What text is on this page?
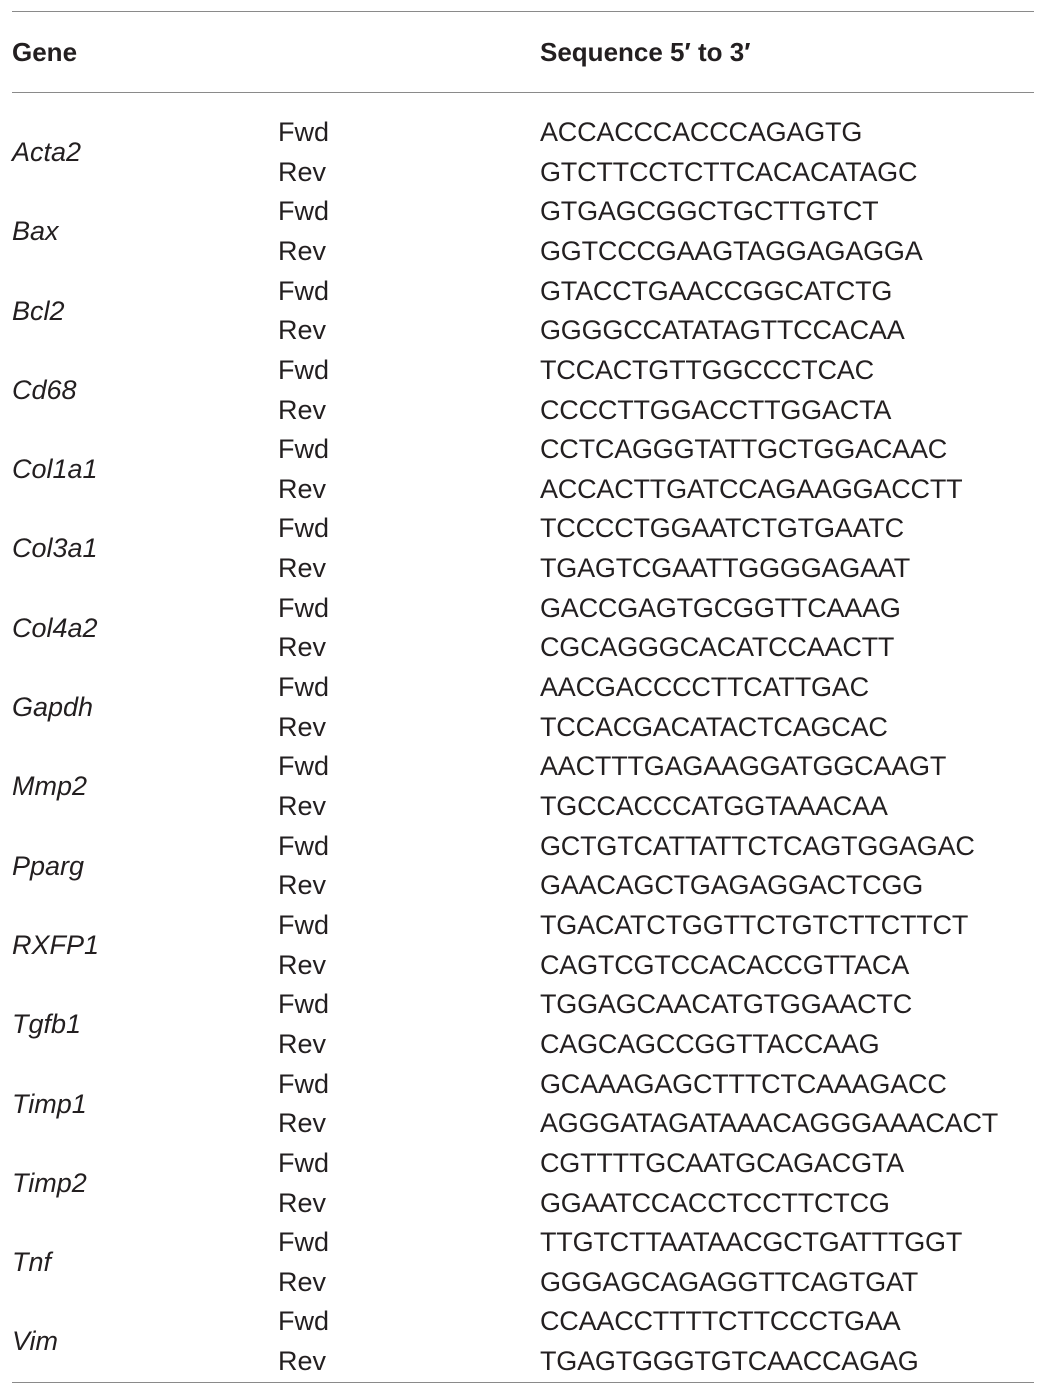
Gene	Sequence 5′ to 3′
Acta2
Fwd	ACCACCCACCCAGAGTG
Rev	GTCTTCCTCTTCACACATAGC
Bax
Fwd	GTGAGCGGCTGCTTGTCT
Rev	GGTCCCGAAGTAGGAGAGGA
Bcl2
Fwd	GTACCTGAACCGGCATCTG
Rev	GGGGCCATATAGTTCCACAA
Cd68
Fwd	TCCACTGTTGGCCCTCAC
Rev	CCCCTTGGACCTTGGACTA
Col1a1
Fwd	CCTCAGGGTATTGCTGGACAAC
Rev	ACCACTTGATCCAGAAGGACCTT
Col3a1
Fwd	TCCCCTGGAATCTGTGAATC
Rev	TGAGTCGAATTGGGGAGAAT
Col4a2
Fwd	GACCGAGTGCGGTTCAAAG
Rev	CGCAGGGCACATCCAACTT
Gapdh
Fwd	AACGACCCCTTCATTGAC
Rev	TCCACGACATACTCAGCAC
Mmp2
Fwd	AACTTTGAGAAGGATGGCAAGT
Rev	TGCCACCCATGGTAAACAA
Pparg
Fwd	GCTGTCATTATTCTCAGTGGAGAC
Rev	GAACAGCTGAGAGGACTCGG
RXFP1
Fwd	TGACATCTGGTTCTGTCTTCTTCT
Rev	CAGTCGTCCACACCGTTACA
Tgfb1
Fwd	TGGAGCAACATGTGGAACTC
Rev	CAGCAGCCGGTTACCAAG
Timp1
Fwd	GCAAAGAGCTTTCTCAAAGACC
Rev	AGGGATAGATAAACAGGGAAACACT
Timp2
Fwd	CGTTTTGCAATGCAGACGTA
Rev	GGAATCCACCTCCTTCTCG
Tnf
Fwd	TTGTCTTAATAACGCTGATTTGGT
Rev	GGGAGCAGAGGTTCAGTGAT
Vim
Fwd	CCAACCTTTTCTTCCCTGAA
Rev	TGAGTGGGTGTCAACCAGAG
